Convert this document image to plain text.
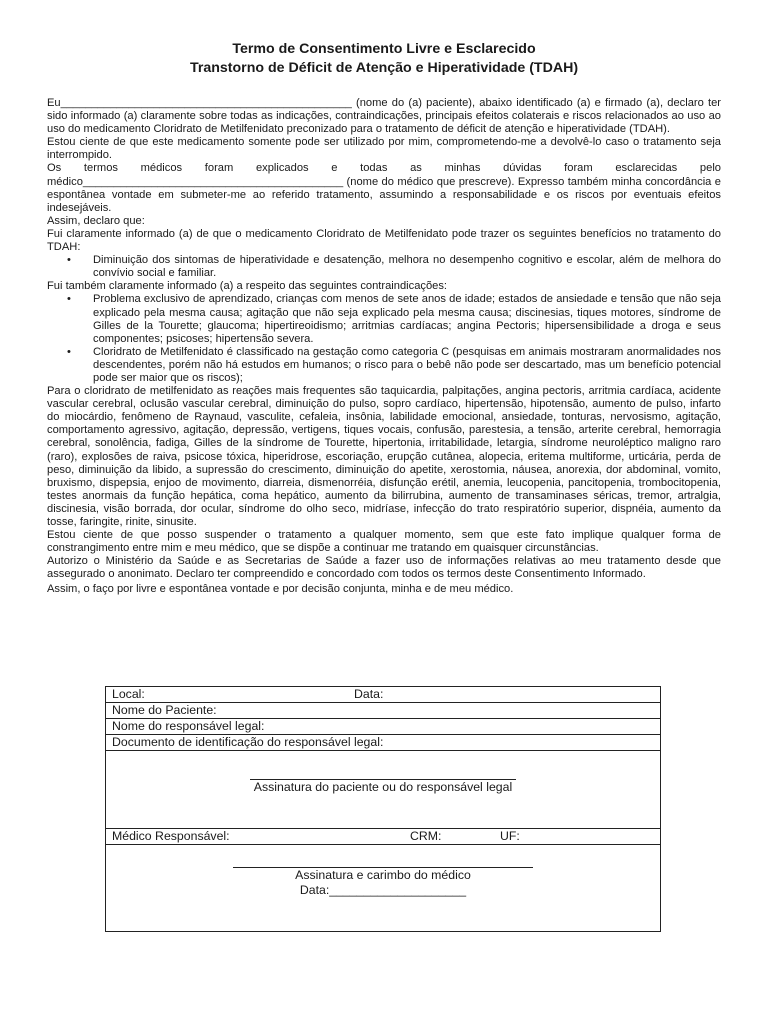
Termo de Consentimento Livre e Esclarecido

Transtorno de Déficit de Atenção e Hiperatividade (TDAH)

Eu_______________________________________________ (nome do (a) paciente), abaixo identificado (a) e firmado (a), declaro ter sido informado (a) claramente sobre todas as indicações, contraindicações, principais efeitos colaterais e riscos relacionados ao uso ao uso do medicamento Cloridrato de Metilfenidato preconizado para o tratamento de déficit de atenção e hiperatividade (TDAH).

Estou ciente de que este medicamento somente pode ser utilizado por mim, comprometendo-me a devolvê-lo caso o tratamento seja interrompido.

Os termos médicos foram explicados e todas as minhas dúvidas foram esclarecidas pelo médico__________________________________________ (nome do médico que prescreve). Expresso também minha concordância e espontânea vontade em submeter-me ao referido tratamento, assumindo a responsabilidade e os riscos por eventuais efeitos indesejáveis.

Assim, declaro que:

Fui claramente informado (a) de que o medicamento Cloridrato de Metilfenidato pode trazer os seguintes benefícios no tratamento do TDAH:

• Diminuição dos sintomas de hiperatividade e desatenção, melhora no desempenho cognitivo e escolar, além de melhora do convívio social e familiar.

Fui também claramente informado (a) a respeito das seguintes contraindicações:

• Problema exclusivo de aprendizado, crianças com menos de sete anos de idade; estados de ansiedade e tensão que não seja explicado pela mesma causa; agitação que não seja explicado pela mesma causa; discinesias, tiques motores, síndrome de Gilles de la Tourette; glaucoma; hipertireoidismo; arritmias cardíacas; angina Pectoris; hipersensibilidade a droga e seus componentes; psicoses; hipertensão severa.
• Cloridrato de Metilfenidato é classificado na gestação como categoria C (pesquisas em animais mostraram anormalidades nos descendentes, porém não há estudos em humanos; o risco para o bebê não pode ser descartado, mas um benefício potencial pode ser maior que os riscos);

Para o cloridrato de metilfenidato as reações mais frequentes são taquicardia, palpitações, angina pectoris, arritmia cardíaca, acidente vascular cerebral, oclusão vascular cerebral, diminuição do pulso, sopro cardíaco, hipertensão, hipotensão, aumento de pulso, infarto do miocárdio, fenômeno de Raynaud, vasculite, cefaleia, insônia, labilidade emocional, ansiedade, tonturas, nervosismo, agitação, comportamento agressivo, agitação, depressão, vertigens, tiques vocais, confusão, parestesia, a tensão, arterite cerebral, hemorragia cerebral, sonolência, fadiga, Gilles de la síndrome de Tourette, hipertonia, irritabilidade, letargia, síndrome neuroléptico maligno raro (raro), explosões de raiva, psicose tóxica, hiperidrose, escoriação, erupção cutânea, alopecia, eritema multiforme, urticária, perda de peso, diminuição da libido, a supressão do crescimento, diminuição do apetite, xerostomia, náusea, anorexia, dor abdominal, vomito, bruxismo, dispepsia, enjoo de movimento, diarreia, dismenorréia, disfunção erétil, anemia, leucopenia, pancitopenia, trombocitopenia, testes anormais da função hepática, coma hepático, aumento da bilirrubina, aumento de transaminases séricas, tremor, artralgia, discinesia, visão borrada, dor ocular, síndrome do olho seco, midríase, infecção do trato respiratório superior, dispnéia, aumento da tosse, faringite, rinite, sinusite.

Estou ciente de que posso suspender o tratamento a qualquer momento, sem que este fato implique qualquer forma de constrangimento entre mim e meu médico, que se dispõe a continuar me tratando em quaisquer circunstâncias.

Autorizo o Ministério da Saúde e as Secretarias de Saúde a fazer uso de informações relativas ao meu tratamento desde que assegurado o anonimato. Declaro ter compreendido e concordado com todos os termos deste Consentimento Informado.

Assim, o faço por livre e espontânea vontade e por decisão conjunta, minha e de meu médico.

Local:	Data:

Nome do Paciente:
Nome do responsável legal:
Documento de identificação do responsável legal:

Assinatura do paciente ou do responsável legal

Médico Responsável:	CRM:	UF:

Assinatura e carimbo do médico
Data:____________________
